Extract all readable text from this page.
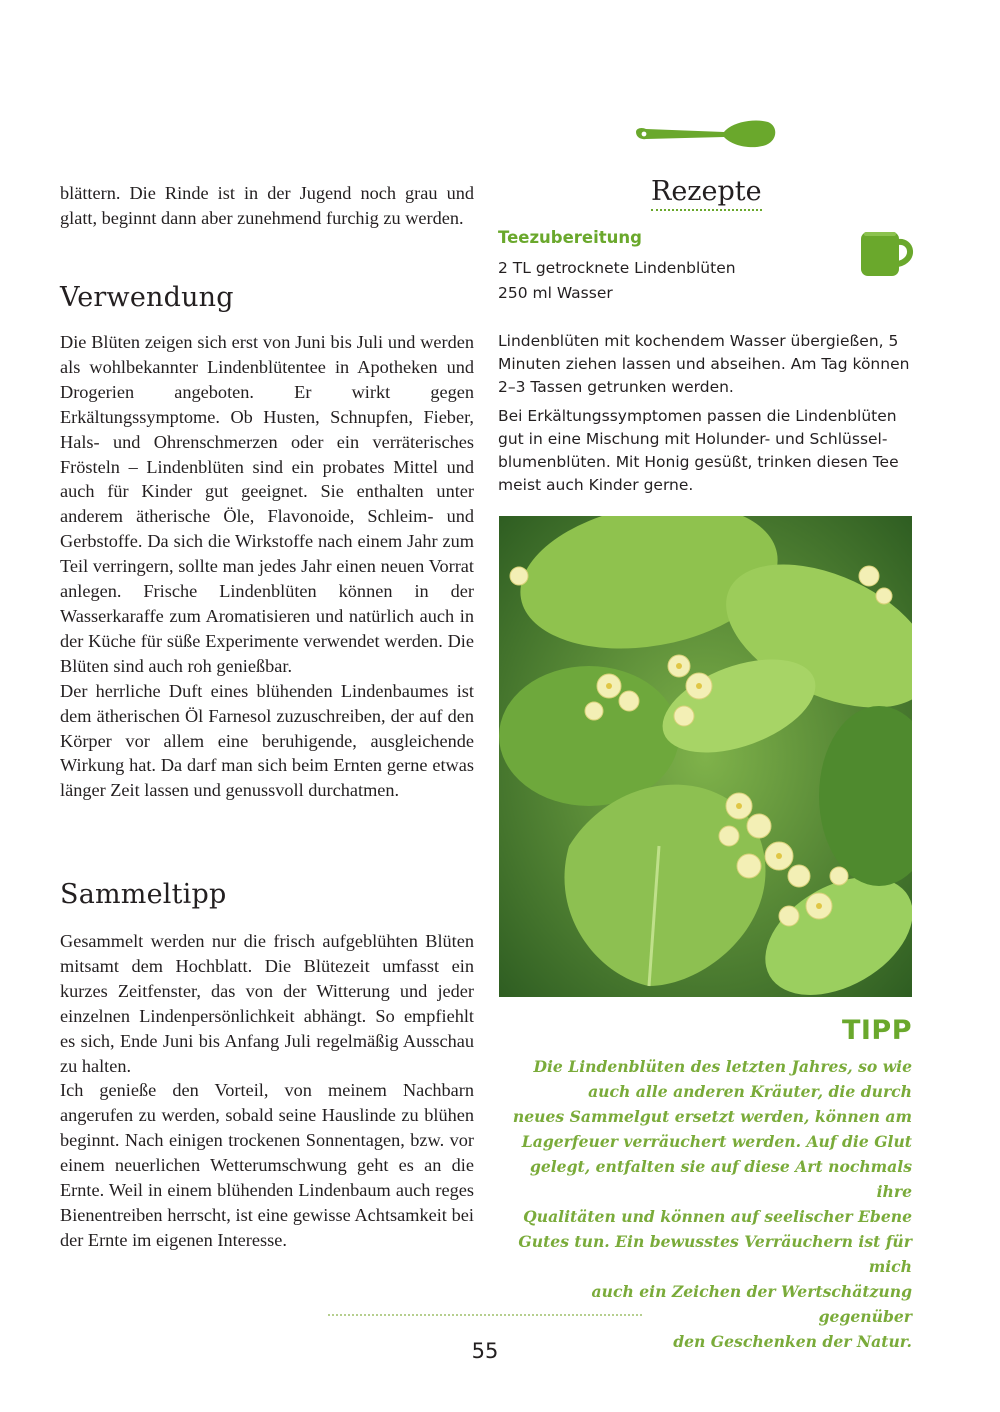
blättern. Die Rinde ist in der Jugend noch grau und glatt, beginnt dann aber zunehmend furchig zu werden.

Verwendung

Die Blüten zeigen sich erst von Juni bis Juli und werden als wohlbekannter Lindenblütentee in Apotheken und Drogerien angeboten. Er wirkt gegen Erkältungssymptome. Ob Husten, Schnupfen, Fieber, Hals- und Ohrenschmerzen oder ein verräterisches Frösteln – Lindenblüten sind ein probates Mittel und auch für Kinder gut geeignet. Sie enthalten unter anderem ätherische Öle, Flavonoide, Schleim- und Gerbstoffe. Da sich die Wirkstoffe nach einem Jahr zum Teil verringern, sollte man jedes Jahr einen neuen Vorrat anlegen. Frische Lindenblüten können in der Wasserkaraffe zum Aromatisieren und natürlich auch in der Küche für süße Experimente verwendet werden. Die Blüten sind auch roh genießbar.

Der herrliche Duft eines blühenden Lindenbaumes ist dem ätherischen Öl Farnesol zuzuschreiben, der auf den Körper vor allem eine beruhigende, ausgleichende Wirkung hat. Da darf man sich beim Ernten gerne etwas länger Zeit lassen und genussvoll durchatmen.

Sammeltipp

Gesammelt werden nur die frisch aufgeblühten Blüten mitsamt dem Hochblatt. Die Blütezeit umfasst ein kurzes Zeitfenster, das von der Witterung und jeder einzelnen Lindenpersönlichkeit abhängt. So empfiehlt es sich, Ende Juni bis Anfang Juli regelmäßig Ausschau zu halten.

Ich genieße den Vorteil, von meinem Nachbarn angerufen zu werden, sobald seine Hauslinde zu blühen beginnt. Nach einigen trockenen Sonnentagen, bzw. vor einem neuerlichen Wetterumschwung geht es an die Ernte. Weil in einem blühenden Lindenbaum auch reges Bienentreiben herrscht, ist eine gewisse Achtsamkeit bei der Ernte im eigenen Interesse.

Rezepte
Teezubereitung
2 TL getrocknete Lindenblüten
250 ml Wasser

Lindenblüten mit kochendem Wasser übergießen, 5 Minuten ziehen lassen und abseihen. Am Tag können 2–3 Tassen getrunken werden.

Bei Erkältungssymptomen passen die Lindenblüten gut in eine Mischung mit Holunder- und Schlüsselblumenblüten. Mit Honig gesüßt, trinken diesen Tee meist auch Kinder gerne.

TIPP

Die Lindenblüten des letzten Jahres, so wie
auch alle anderen Kräuter, die durch
neues Sammelgut ersetzt werden, können am
Lagerfeuer verräuchert werden. Auf die Glut
gelegt, entfalten sie auf diese Art nochmals ihre
Qualitäten und können auf seelischer Ebene
Gutes tun. Ein bewusstes Verräuchern ist für mich
auch ein Zeichen der Wertschätzung gegenüber
den Geschenken der Natur.

55
